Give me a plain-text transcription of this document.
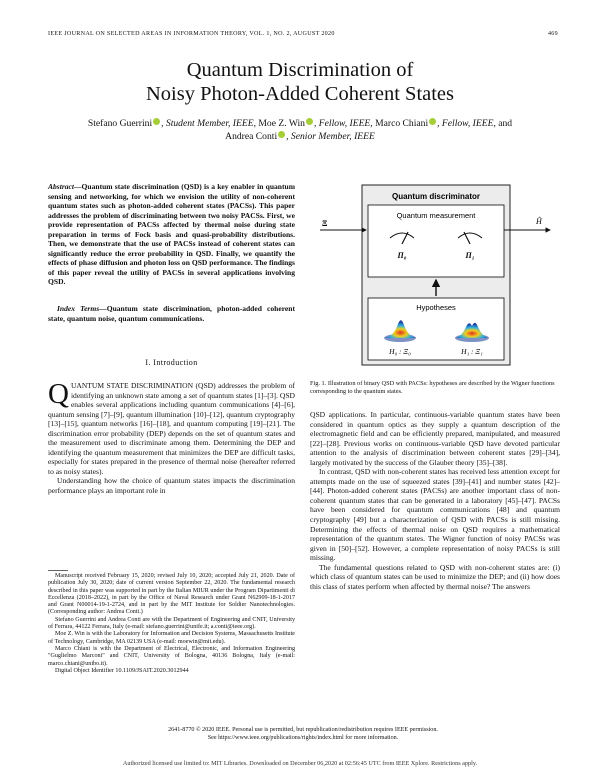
IEEE JOURNAL ON SELECTED AREAS IN INFORMATION THEORY, VOL. 1, NO. 2, AUGUST 2020	469
Quantum Discrimination of
Noisy Photon-Added Coherent States
Stefano Guerrini , Student Member, IEEE, Moe Z. Win , Fellow, IEEE, Marco Chiani , Fellow, IEEE, and
Andrea Conti , Senior Member, IEEE
Abstract—Quantum state discrimination (QSD) is a key enabler in quantum sensing and networking, for which we envision the utility of non-coherent quantum states such as photon-added coherent states (PACSs). This paper addresses the problem of discriminating between two noisy PACSs. First, we provide representation of PACSs affected by thermal noise during state preparation in terms of Fock basis and quasi-probability distributions. Then, we demonstrate that the use of PACSs instead of coherent states can significantly reduce the error probability in QSD. Finally, we quantify the effects of phase diffusion and photon loss on QSD performance. The findings of this paper reveal the utility of PACSs in several applications involving QSD.
Index Terms—Quantum state discrimination, photon-added coherent state, quantum noise, quantum communications.
I. Introduction
QUANTUM STATE DISCRIMINATION (QSD) addresses the problem of identifying an unknown state among a set of quantum states [1]–[3]. QSD enables several applications including quantum communications [4]–[6], quantum sensing [7]–[9], quantum illumination [10]–[12], quantum cryptography [13]–[15], quantum networks [16]–[18], and quantum computing [19]–[21]. The discrimination error probability (DEP) depends on the set of quantum states and the measurement used to discriminate among them. Determining the DEP and identifying the quantum measurement that minimizes the DEP are difficult tasks, especially for states prepared in the presence of thermal noise (hereafter referred to as noisy states).

Understanding how the choice of quantum states impacts the discrimination performance plays an important role in

Manuscript received February 15, 2020; revised July 10, 2020; accepted July 21, 2020. Date of publication July 30, 2020; date of current version September 22, 2020. The fundamental research described in this paper was supported in part by the Italian MIUR under the Program Dipartimenti di Eccellenza (2018–2022), in part by the Office of Naval Research under Grant N62909-18-1-2017 and Grant N00014-19-1-2724, and in part by the MIT Institute for Soldier Nanotechnologies. (Corresponding author: Andrea Conti.)

Stefano Guerrini and Andrea Conti are with the Department of Engineering and CNIT, University of Ferrara, 44122 Ferrara, Italy (e-mail: stefano.guerrini@unife.it; a.conti@ieee.org).

Moe Z. Win is with the Laboratory for Information and Decision Systems, Massachusetts Institute of Technology, Cambridge, MA 02139 USA (e-mail: moewin@mit.edu).

Marco Chiani is with the Department of Electrical, Electronic, and Information Engineering "Guglielmo Marconi" and CNIT, University of Bologna, 40136 Bologna, Italy (e-mail: marco.chiani@unibo.it).

Digital Object Identifier 10.1109/JSAIT.2020.3012944

Quantum discriminator
Quantum measurement
Π₀	Π₁
Ξ	Ĥ
Hypotheses
H₀ : Ξ₀	H₁ : Ξ₁
Fig. 1. Illustration of binary QSD with PACSs: hypotheses are described by the Wigner functions corresponding to the quantum states.

QSD applications. In particular, continuous-variable quantum states have been considered in quantum optics as they supply a quantum description of the electromagnetic field and can be efficiently prepared, manipulated, and measured [22]–[28]. Previous works on continuous-variable QSD have devoted particular attention to the analysis of discrimination between coherent states [29]–[34], largely motivated by the success of the Glauber theory [35]–[38].

In contrast, QSD with non-coherent states has received less attention except for attempts made on the use of squeezed states [39]–[41] and number states [42]–[44]. Photon-added coherent states (PACSs) are another important class of non-coherent quantum states that can be generated in a laboratory [45]–[47]. PACSs have been considered for quantum communications [48] and quantum cryptography [49] but a characterization of QSD with PACSs is still missing. Determining the effects of thermal noise on QSD requires a mathematical representation of the quantum states. The Wigner function of noisy PACSs was given in [50]–[52]. However, a complete representation of noisy PACSs is still missing.

The fundamental questions related to QSD with non-coherent states are: (i) which class of quantum states can be used to minimize the DEP; and (ii) how does this class of states perform when affected by thermal noise? The answers

2641-8770 © 2020 IEEE. Personal use is permitted, but republication/redistribution requires IEEE permission.
See https://www.ieee.org/publications/rights/index.html for more information.
Authorized licensed use limited to: MIT Libraries. Downloaded on December 06,2020 at 02:56:45 UTC from IEEE Xplore. Restrictions apply.
